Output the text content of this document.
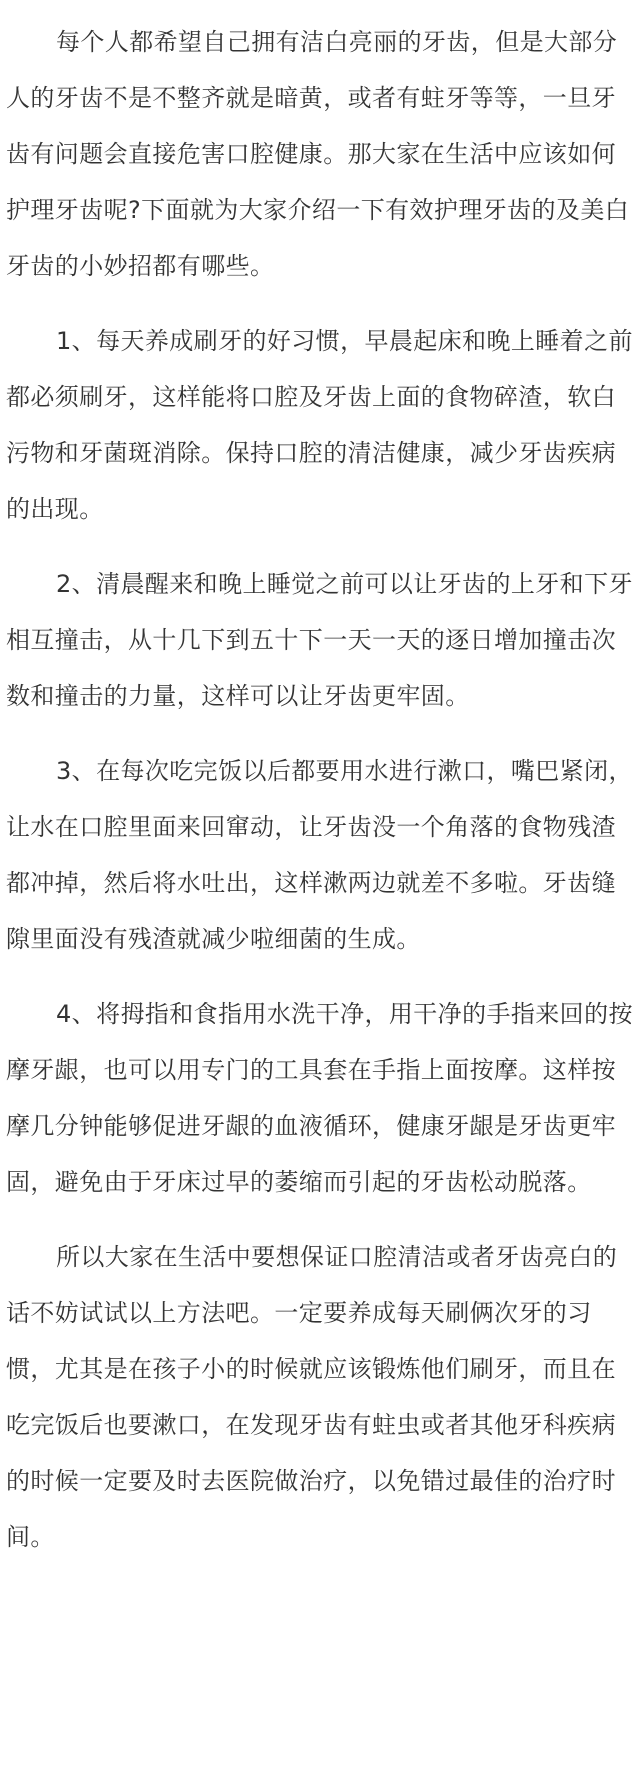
每个人都希望自己拥有洁白亮丽的牙齿，但是大部分人的牙齿不是不整齐就是暗黄，或者有蛀牙等等，一旦牙齿有问题会直接危害口腔健康。那大家在生活中应该如何护理牙齿呢?下面就为大家介绍一下有效护理牙齿的及美白牙齿的小妙招都有哪些。

1、每天养成刷牙的好习惯，早晨起床和晚上睡着之前都必须刷牙，这样能将口腔及牙齿上面的食物碎渣，软白污物和牙菌斑消除。保持口腔的清洁健康，减少牙齿疾病的出现。

2、清晨醒来和晚上睡觉之前可以让牙齿的上牙和下牙相互撞击，从十几下到五十下一天一天的逐日增加撞击次数和撞击的力量，这样可以让牙齿更牢固。

3、在每次吃完饭以后都要用水进行漱口，嘴巴紧闭，让水在口腔里面来回窜动，让牙齿没一个角落的食物残渣都冲掉，然后将水吐出，这样漱两边就差不多啦。牙齿缝隙里面没有残渣就减少啦细菌的生成。

4、将拇指和食指用水洗干净，用干净的手指来回的按摩牙龈，也可以用专门的工具套在手指上面按摩。这样按摩几分钟能够促进牙龈的血液循环，健康牙龈是牙齿更牢固，避免由于牙床过早的萎缩而引起的牙齿松动脱落。

所以大家在生活中要想保证口腔清洁或者牙齿亮白的话不妨试试以上方法吧。一定要养成每天刷俩次牙的习惯，尤其是在孩子小的时候就应该锻炼他们刷牙，而且在吃完饭后也要漱口，在发现牙齿有蛀虫或者其他牙科疾病的时候一定要及时去医院做治疗，以免错过最佳的治疗时间。
